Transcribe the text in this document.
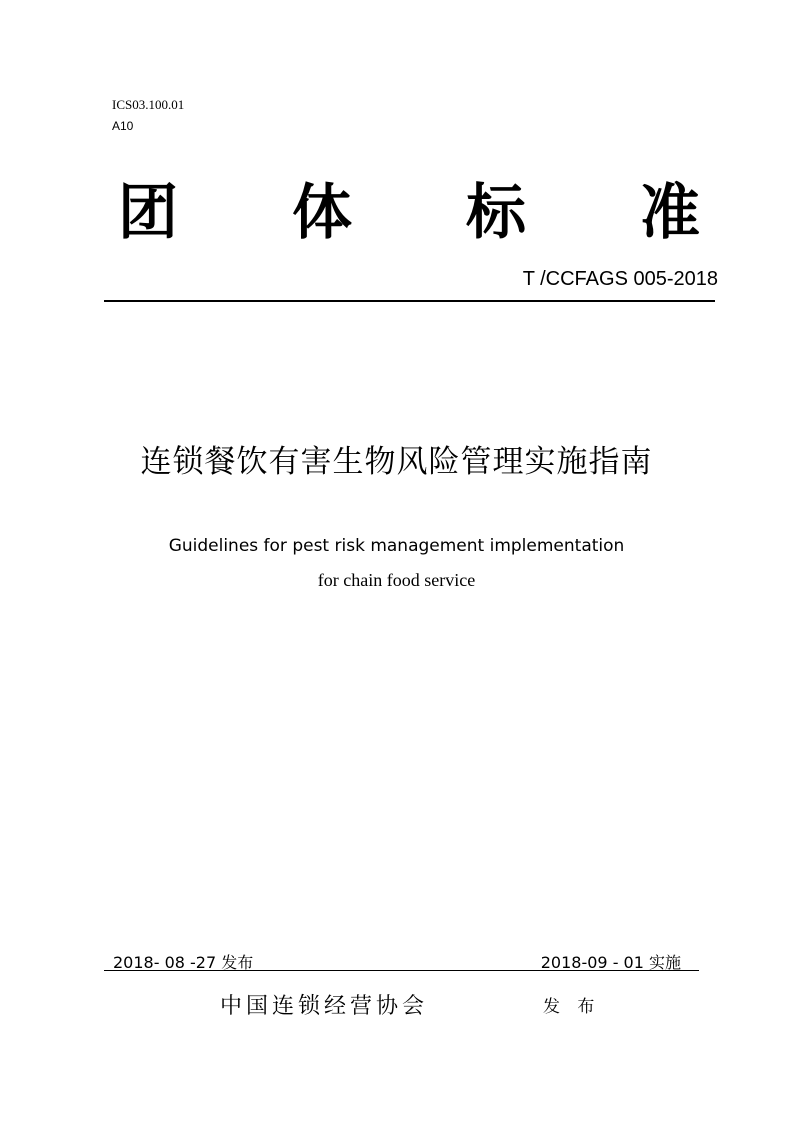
ICS03.100.01
A10
团 体 标 准
T /CCFAGS 005-2018
连锁餐饮有害生物风险管理实施指南
Guidelines for pest risk management implementation
for chain food service
2018- 08 -27 发布	2018-09 - 01 实施
中国连锁经营协会	发 布
